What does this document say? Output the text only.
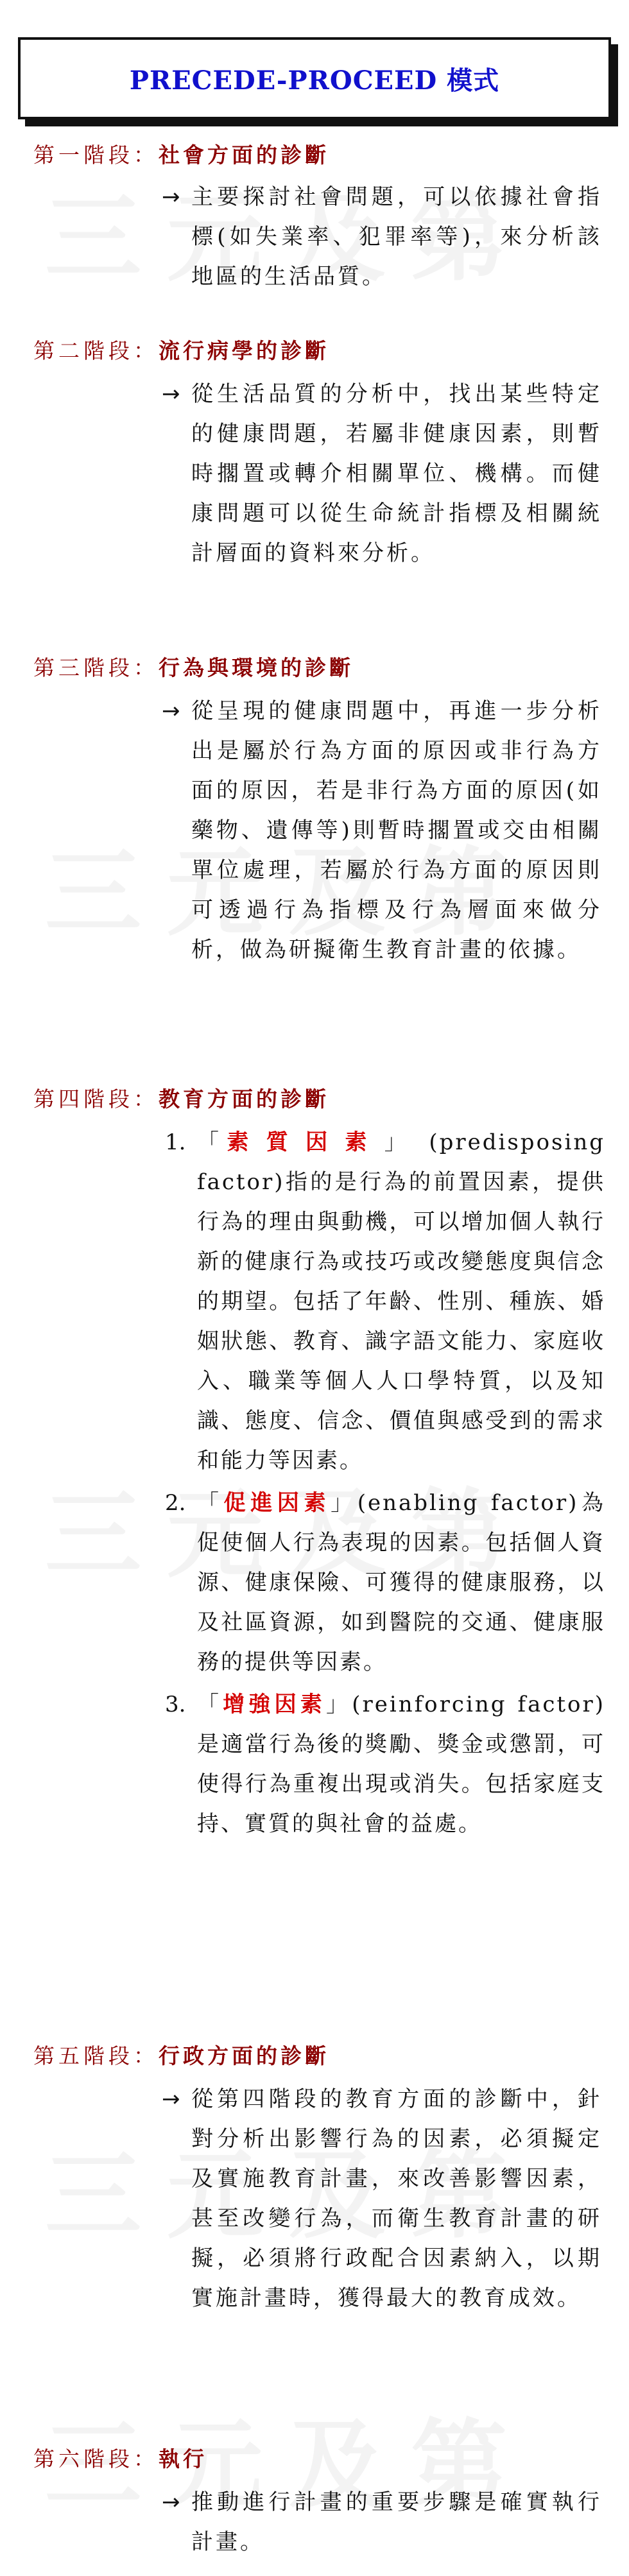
PRECEDE-PROCEED 模式
第一階段：社會方面的診斷
→ 主要探討社會問題，可以依據社會指標(如失業率、犯罪率等)，來分析該地區的生活品質。
第二階段：流行病學的診斷
→ 從生活品質的分析中，找出某些特定的健康問題，若屬非健康因素，則暫時擱置或轉介相關單位、機構。而健康問題可以從生命統計指標及相關統計層面的資料來分析。
第三階段：行為與環境的診斷
→ 從呈現的健康問題中，再進一步分析出是屬於行為方面的原因或非行為方面的原因，若是非行為方面的原因(如藥物、遺傳等)則暫時擱置或交由相關單位處理，若屬於行為方面的原因則可透過行為指標及行為層面來做分析，做為研擬衛生教育計畫的依據。
第四階段：教育方面的診斷
1. 「素質因素」 (predisposing factor)指的是行為的前置因素，提供行為的理由與動機，可以增加個人執行新的健康行為或技巧或改變態度與信念的期望。包括了年齡、性別、種族、婚姻狀態、教育、識字語文能力、家庭收入、職業等個人人口學特質，以及知識、態度、信念、價值與感受到的需求和能力等因素。
2. 「促進因素」(enabling factor)為促使個人行為表現的因素。包括個人資源、健康保險、可獲得的健康服務，以及社區資源，如到醫院的交通、健康服務的提供等因素。
3. 「增強因素」(reinforcing factor)是適當行為後的獎勵、獎金或懲罰，可使得行為重複出現或消失。包括家庭支持、實質的與社會的益處。
第五階段：行政方面的診斷
→ 從第四階段的教育方面的診斷中，針對分析出影響行為的因素，必須擬定及實施教育計畫，來改善影響因素，甚至改變行為，而衛生教育計畫的研擬，必須將行政配合因素納入，以期實施計畫時，獲得最大的教育成效。
第六階段：執行
→ 推動進行計畫的重要步驟是確實執行計畫。
